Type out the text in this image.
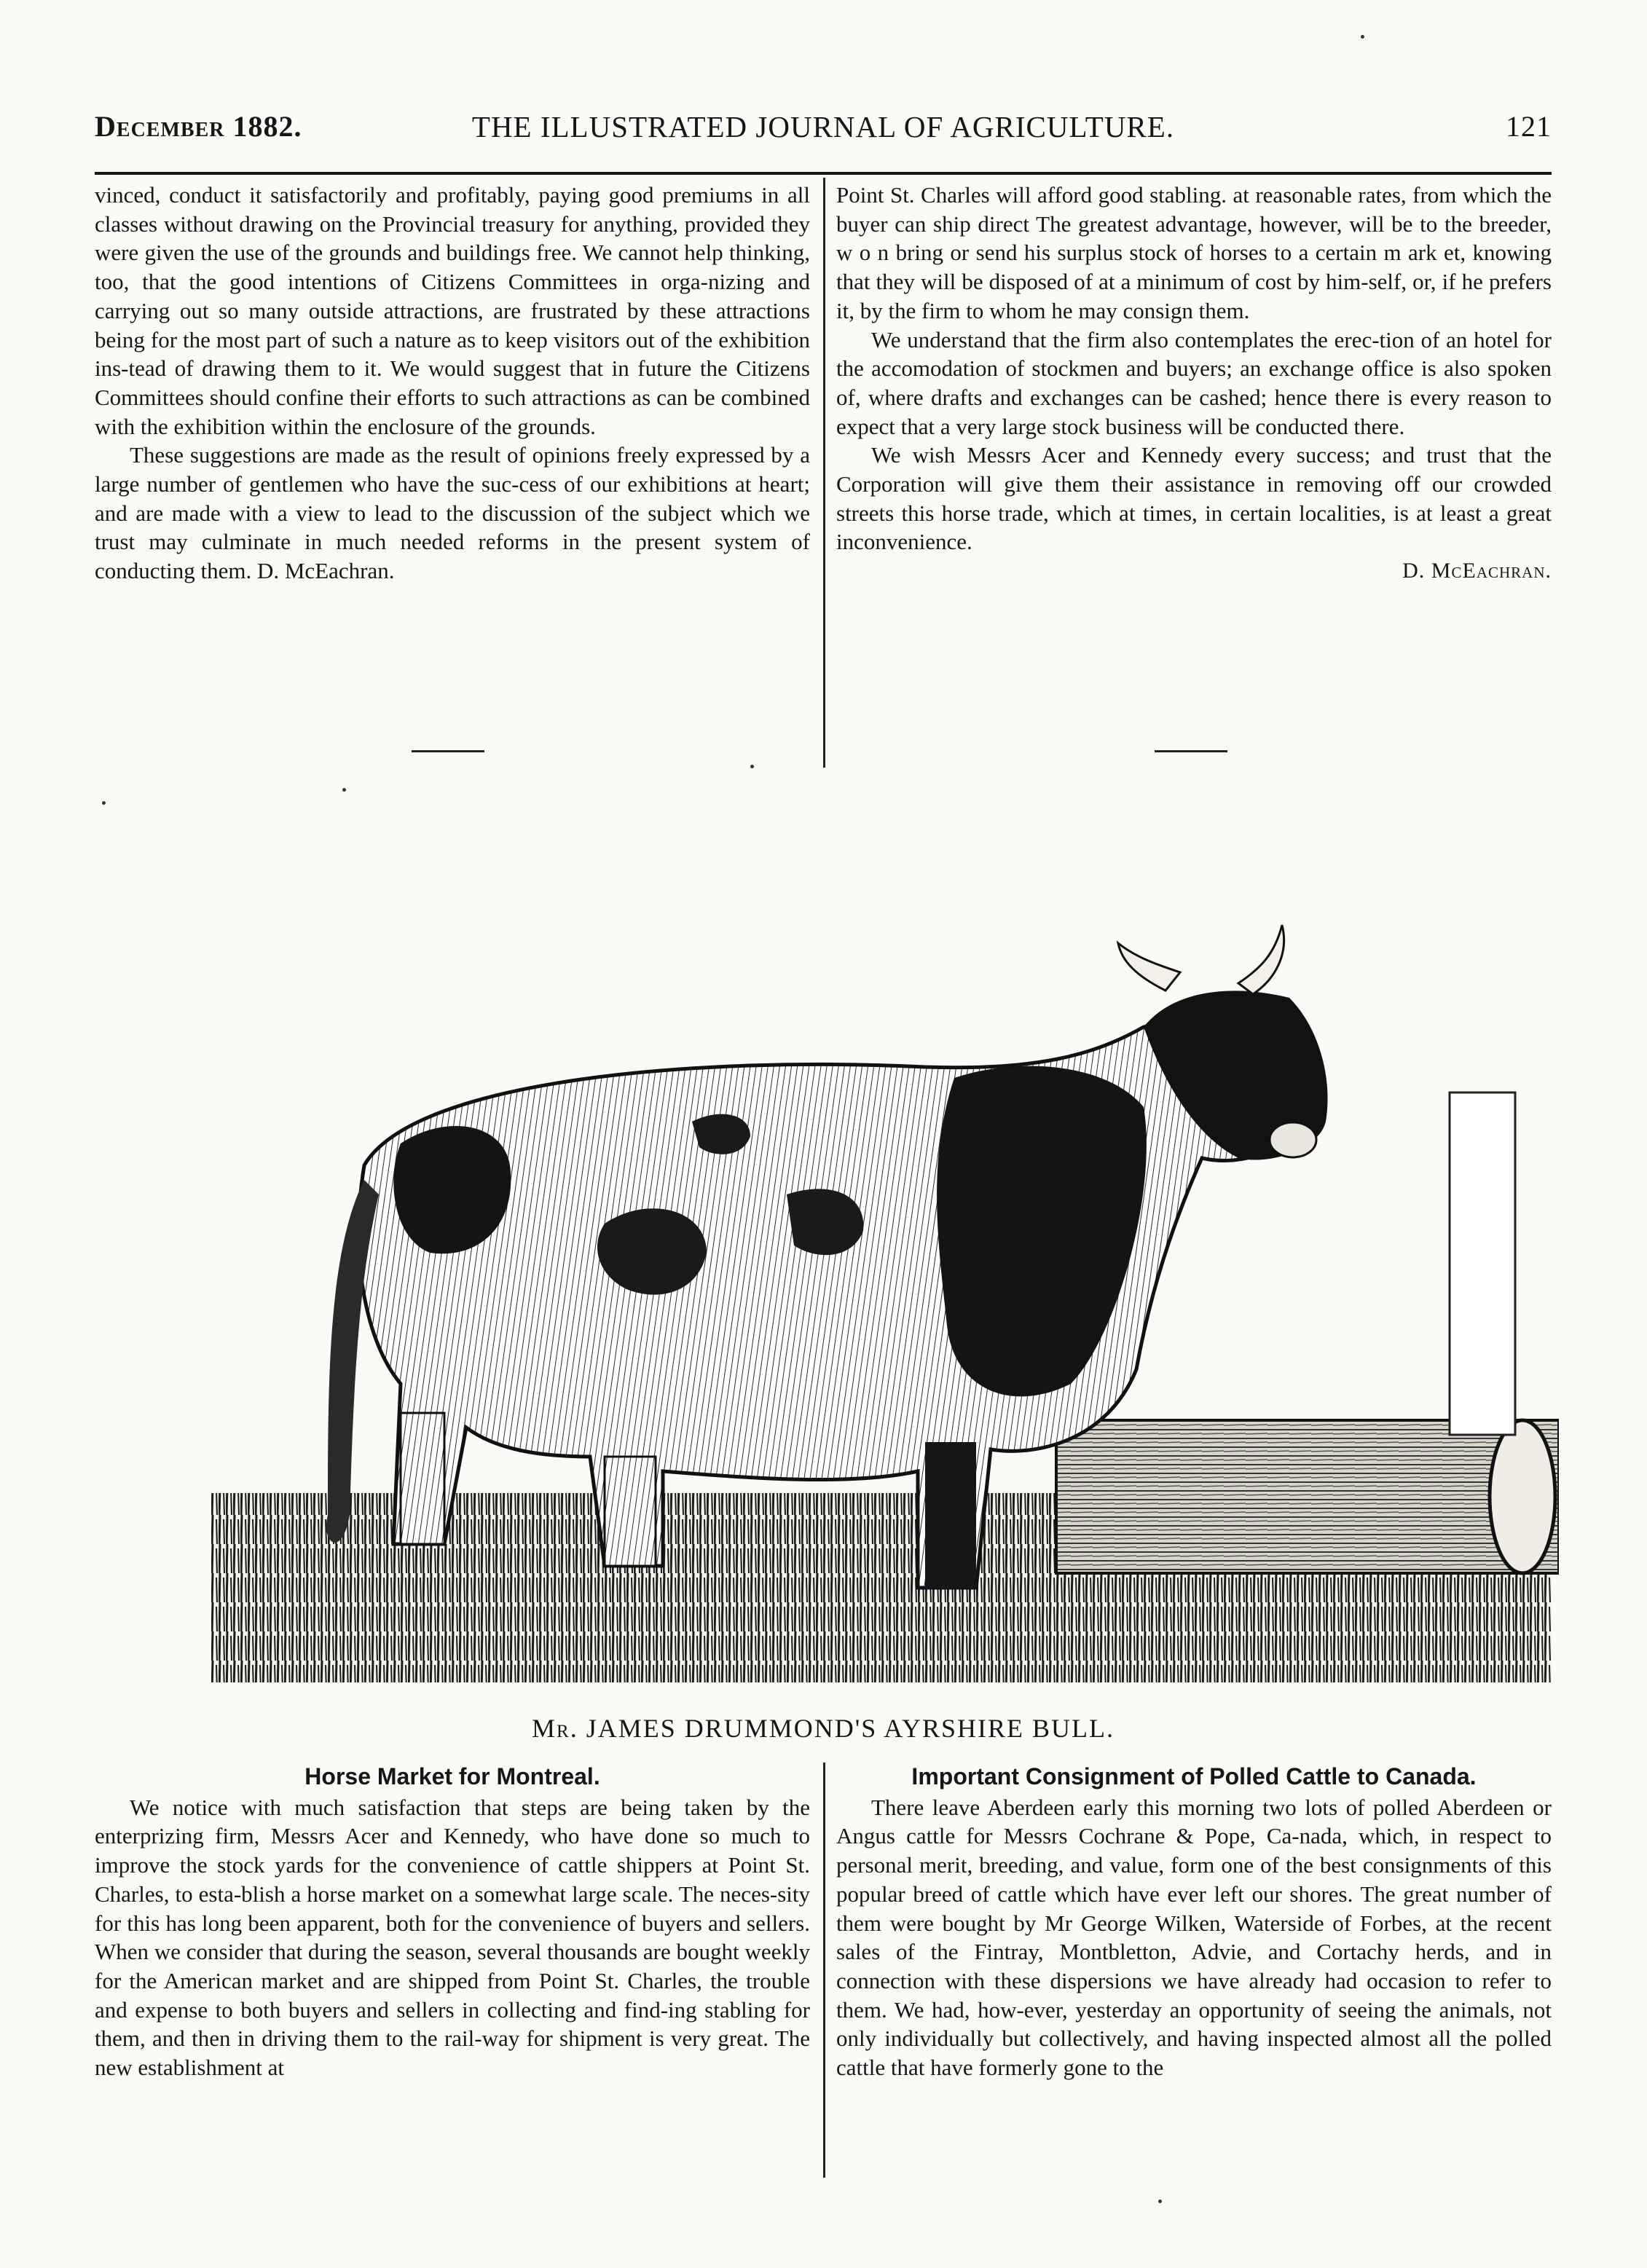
December 1882.	THE ILLUSTRATED JOURNAL OF AGRICULTURE.	121

vinced, conduct it satisfactorily and profitably, paying good premiums in all classes without drawing on the Provincial treasury for anything, provided they were given the use of the grounds and buildings free. We cannot help thinking, too, that the good intentions of Citizens Committees in orga-nizing and carrying out so many outside attractions, are frustrated by these attractions being for the most part of such a nature as to keep visitors out of the exhibition ins-tead of drawing them to it. We would suggest that in future the Citizens Committees should confine their efforts to such attractions as can be combined with the exhibition within the enclosure of the grounds.

These suggestions are made as the result of opinions freely expressed by a large number of gentlemen who have the suc-cess of our exhibitions at heart; and are made with a view to lead to the discussion of the subject which we trust may culminate in much needed reforms in the present system of conducting them. D. McEachran.

Point St. Charles will afford good stabling. at reasonable rates, from which the buyer can ship direct The greatest advantage, however, will be to the breeder, w o n bring or send his surplus stock of horses to a certain m ark et, knowing that they will be disposed of at a minimum of cost by him-self, or, if he prefers it, by the firm to whom he may consign them.

We understand that the firm also contemplates the erec-tion of an hotel for the accomodation of stockmen and buyers; an exchange office is also spoken of, where drafts and exchanges can be cashed; hence there is every reason to expect that a very large stock business will be conducted there.

We wish Messrs Acer and Kennedy every success; and trust that the Corporation will give them their assistance in removing off our crowded streets this horse trade, which at times, in certain localities, is at least a great inconvenience.

D. McEachran.
Mr. JAMES DRUMMOND'S AYRSHIRE BULL.
Horse Market for Montreal.

We notice with much satisfaction that steps are being taken by the enterprizing firm, Messrs Acer and Kennedy, who have done so much to improve the stock yards for the convenience of cattle shippers at Point St. Charles, to esta-blish a horse market on a somewhat large scale. The neces-sity for this has long been apparent, both for the convenience of buyers and sellers. When we consider that during the season, several thousands are bought weekly for the American market and are shipped from Point St. Charles, the trouble and expense to both buyers and sellers in collecting and find-ing stabling for them, and then in driving them to the rail-way for shipment is very great. The new establishment at

Important Consignment of Polled Cattle to Canada.

There leave Aberdeen early this morning two lots of polled Aberdeen or Angus cattle for Messrs Cochrane & Pope, Ca-nada, which, in respect to personal merit, breeding, and value, form one of the best consignments of this popular breed of cattle which have ever left our shores. The great number of them were bought by Mr George Wilken, Waterside of Forbes, at the recent sales of the Fintray, Montbletton, Advie, and Cortachy herds, and in connection with these dispersions we have already had occasion to refer to them. We had, how-ever, yesterday an opportunity of seeing the animals, not only individually but collectively, and having inspected almost all the polled cattle that have formerly gone to the
